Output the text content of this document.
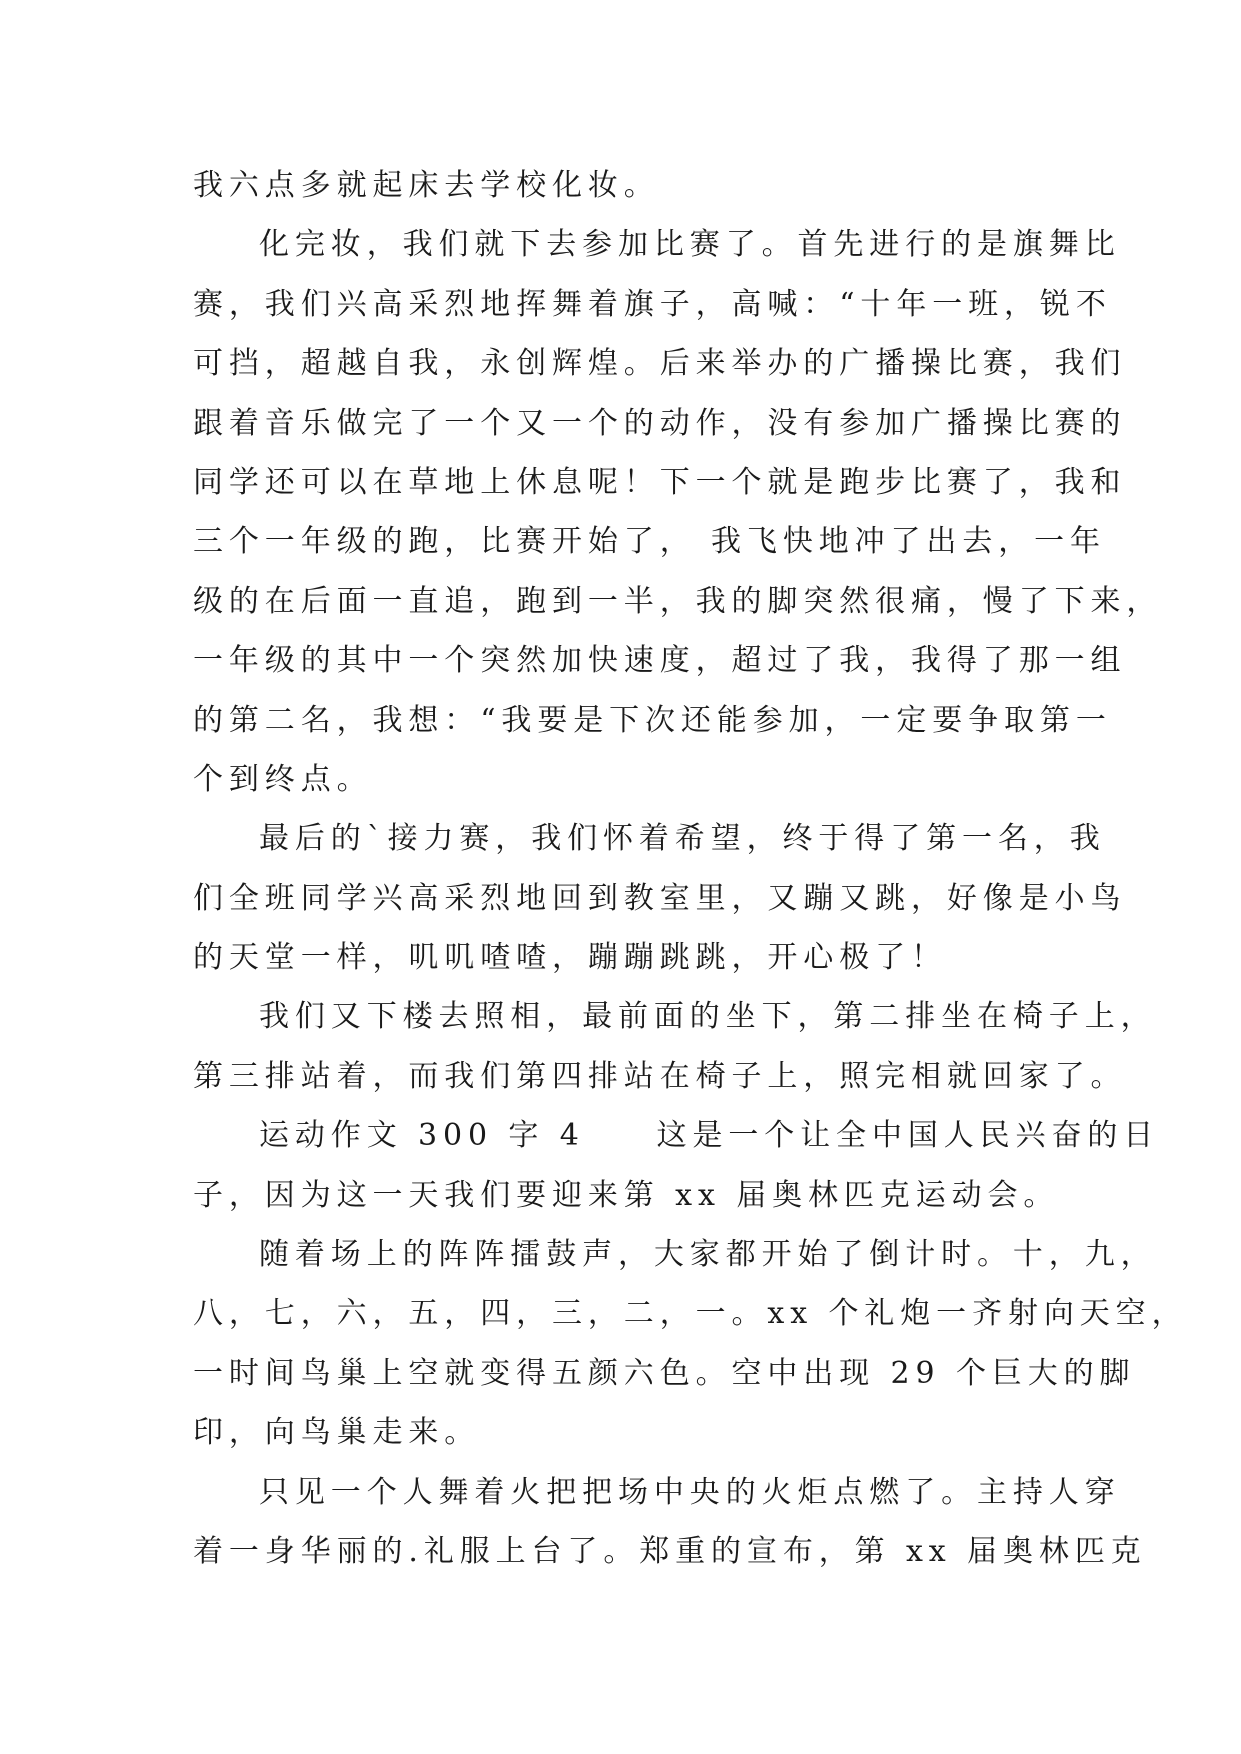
我六点多就起床去学校化妆。
化完妆，我们就下去参加比赛了。首先进行的是旗舞比
赛，我们兴高采烈地挥舞着旗子，高喊：“十年一班，锐不
可挡，超越自我，永创辉煌。后来举办的广播操比赛，我们
跟着音乐做完了一个又一个的动作，没有参加广播操比赛的
同学还可以在草地上休息呢！下一个就是跑步比赛了，我和
三个一年级的跑，比赛开始了， 我飞快地冲了出去，一年
级的在后面一直追，跑到一半，我的脚突然很痛，慢了下来，
一年级的其中一个突然加快速度，超过了我，我得了那一组
的第二名，我想：“我要是下次还能参加，一定要争取第一
个到终点。
最后的`接力赛，我们怀着希望，终于得了第一名，我
们全班同学兴高采烈地回到教室里，又蹦又跳，好像是小鸟
的天堂一样，叽叽喳喳，蹦蹦跳跳，开心极了！
我们又下楼去照相，最前面的坐下，第二排坐在椅子上，
第三排站着，而我们第四排站在椅子上，照完相就回家了。
运动作文 300 字 4　　这是一个让全中国人民兴奋的日
子，因为这一天我们要迎来第 xx 届奥林匹克运动会。
随着场上的阵阵擂鼓声，大家都开始了倒计时。十，九，
八，七，六，五，四，三，二，一。xx 个礼炮一齐射向天空，
一时间鸟巢上空就变得五颜六色。空中出现 29 个巨大的脚
印，向鸟巢走来。
只见一个人舞着火把把场中央的火炬点燃了。主持人穿
着一身华丽的.礼服上台了。郑重的宣布，第 xx 届奥林匹克
